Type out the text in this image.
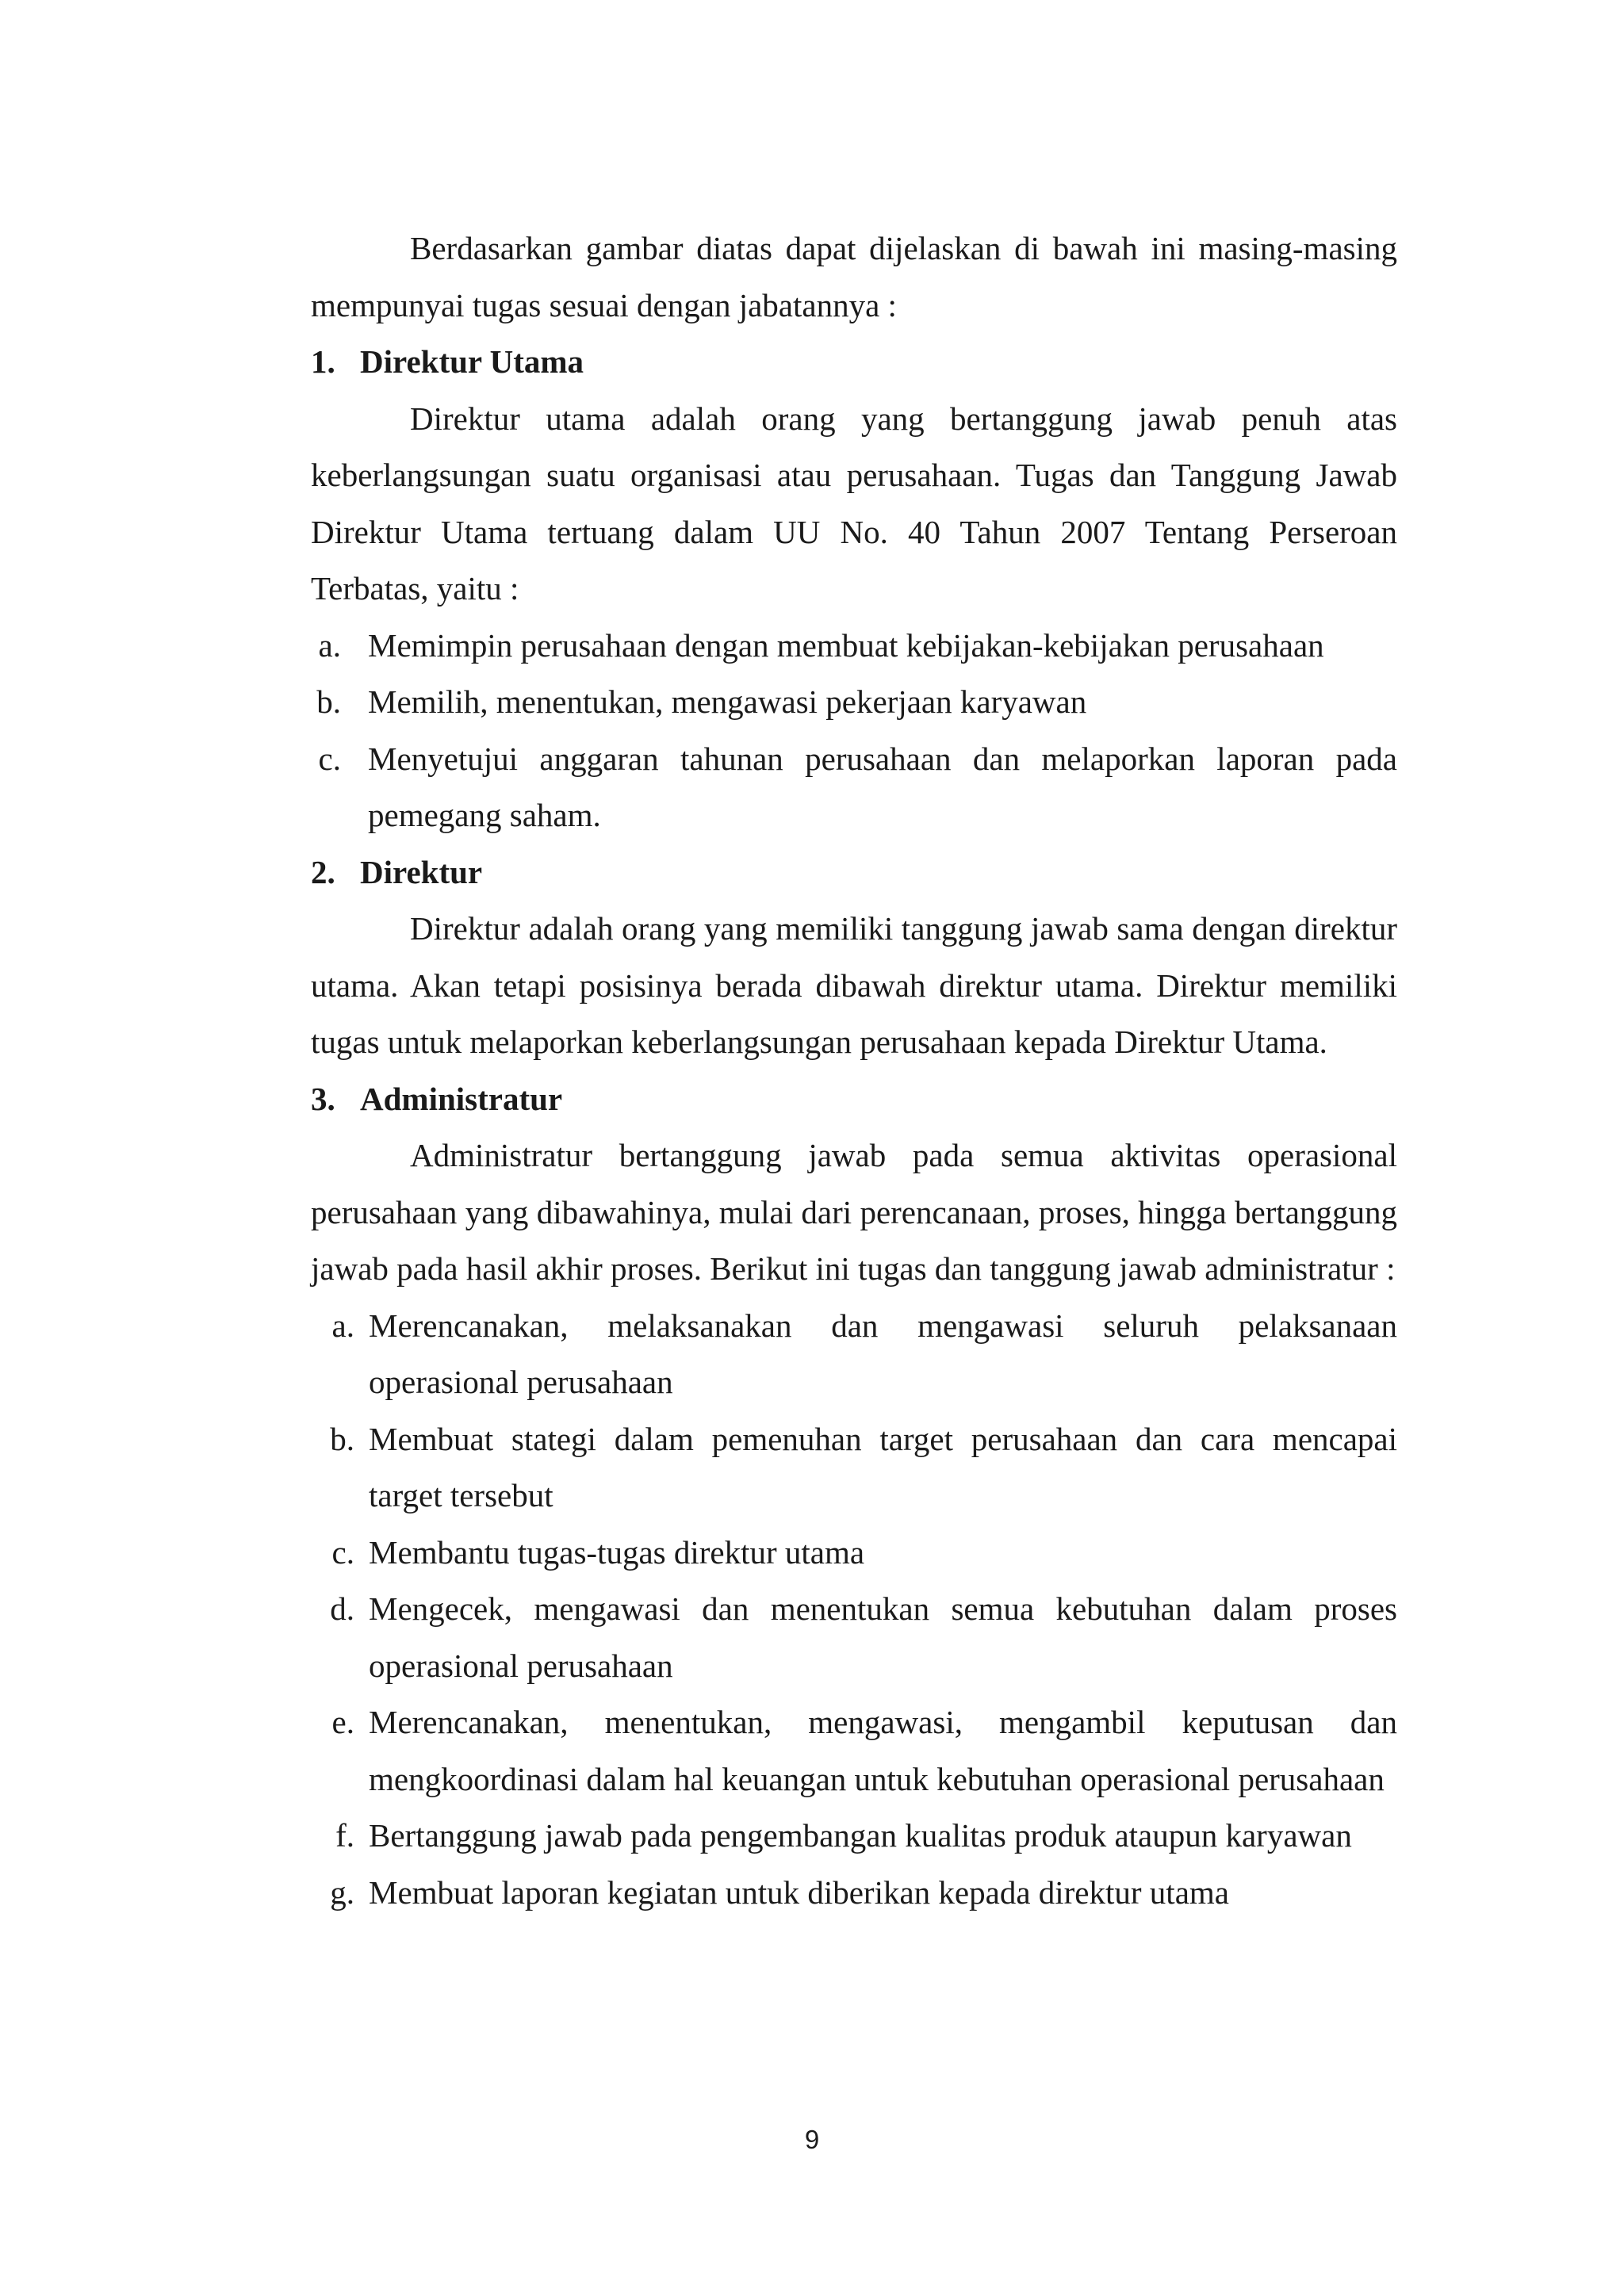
Berdasarkan gambar diatas dapat dijelaskan di bawah ini masing-masing mempunyai tugas sesuai dengan jabatannya :

1. Direktur Utama

Direktur utama adalah orang yang bertanggung jawab penuh atas keberlangsungan suatu organisasi atau perusahaan. Tugas dan Tanggung Jawab Direktur Utama tertuang dalam UU No. 40 Tahun 2007 Tentang Perseroan Terbatas, yaitu :

a. Memimpin perusahaan dengan membuat kebijakan-kebijakan perusahaan
b. Memilih, menentukan, mengawasi pekerjaan karyawan
c. Menyetujui anggaran tahunan perusahaan dan melaporkan laporan pada pemegang saham.

2. Direktur

Direktur adalah orang yang memiliki tanggung jawab sama dengan direktur utama. Akan tetapi posisinya berada dibawah direktur utama. Direktur memiliki tugas untuk melaporkan keberlangsungan perusahaan kepada Direktur Utama.

3. Administratur

Administratur bertanggung jawab pada semua aktivitas operasional perusahaan yang dibawahinya, mulai dari perencanaan, proses, hingga bertanggung jawab pada hasil akhir proses. Berikut ini tugas dan tanggung jawab administratur :

a. Merencanakan, melaksanakan dan mengawasi seluruh pelaksanaan operasional perusahaan
b. Membuat stategi dalam pemenuhan target perusahaan dan cara mencapai target tersebut
c. Membantu tugas-tugas direktur utama
d. Mengecek, mengawasi dan menentukan semua kebutuhan dalam proses operasional perusahaan
e. Merencanakan, menentukan, mengawasi, mengambil keputusan dan mengkoordinasi dalam hal keuangan untuk kebutuhan operasional perusahaan
f. Bertanggung jawab pada pengembangan kualitas produk ataupun karyawan
g. Membuat laporan kegiatan untuk diberikan kepada direktur utama
9
